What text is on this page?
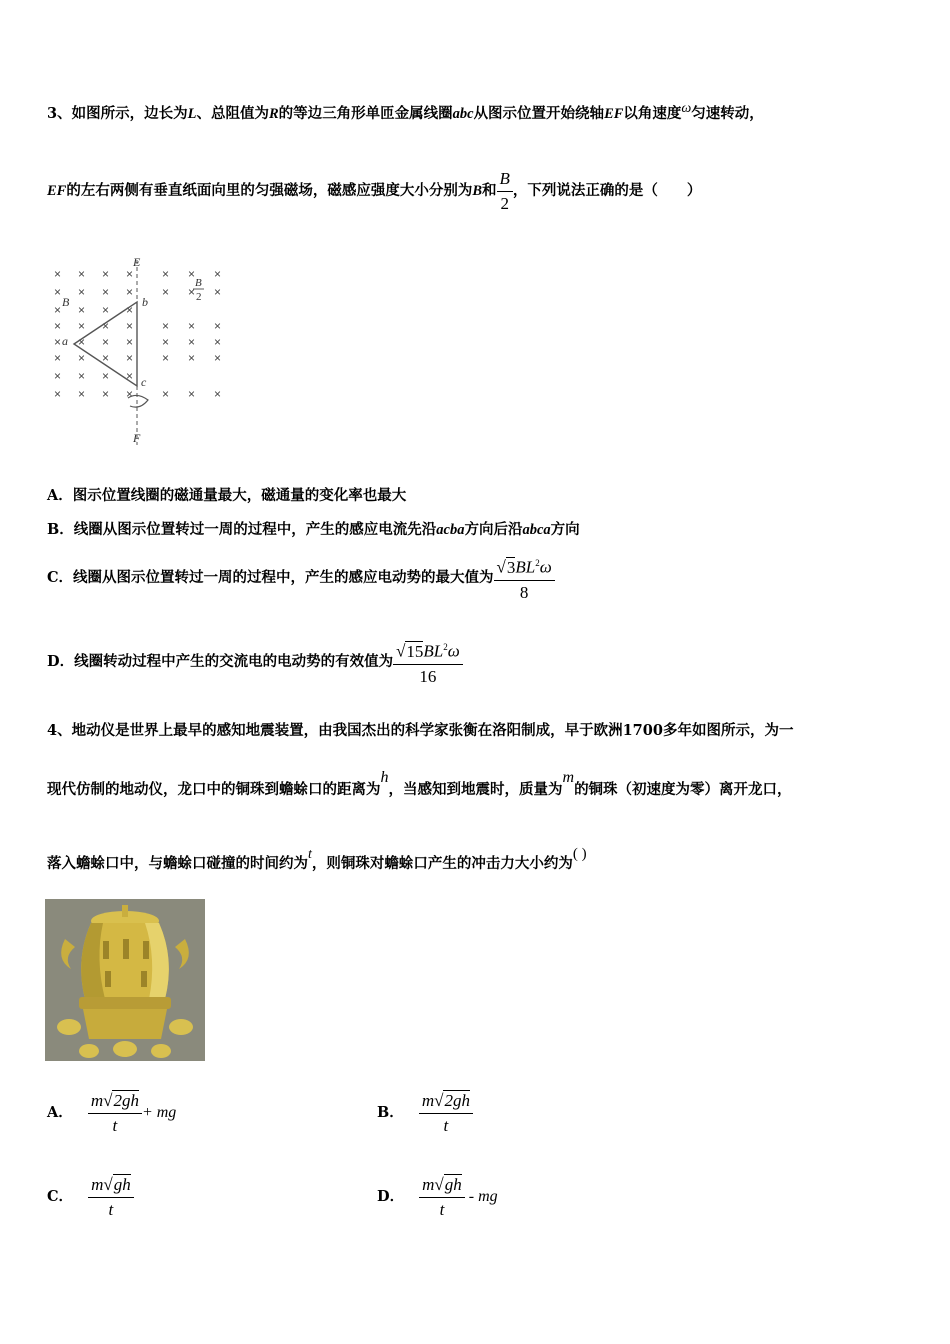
3、如图所示，边长为L、总阻值为R的等边三角形单匝金属线圈abc从图示位置开始绕轴EF以角速度ω匀速转动，
EF的左右两侧有垂直纸面向里的匀强磁场，磁感应强度大小分别为B和 $\frac{B}{2}$ ，下列说法正确的是（　　）
× × × × × × ×
× × × × × × ×
× × × ×
× × × × × × ×
× × × × × × ×
× × × × × × ×
× × × ×
× × × × × × ×
E
F
a
b
c
B
B
2
A．图示位置线圈的磁通量最大，磁通量的变化率也最大
B．线圈从图示位置转过一周的过程中，产生的感应电流先沿acba方向后沿abca方向
C．线圈从图示位置转过一周的过程中，产生的感应电动势的最大值为 $\frac{√3BL^2\omega}{8}$
D．线圈转动过程中产生的交流电的电动势的有效值为 $\frac{√15BL^2\omega}{16}$
4、地动仪是世界上最早的感知地震装置，由我国杰出的科学家张衡在洛阳制成，早于欧洲1700多年如图所示，为一
现代仿制的地动仪，龙口中的铜珠到蟾蜍口的距离为h，当感知到地震时，质量为m的铜珠（初速度为零）离开龙口，
落入蟾蜍口中，与蟾蜍口碰撞的时间约为t，则铜珠对蟾蜍口产生的冲击力大小约为( )
A． $\frac{m√2gh}{t}$ + mg	B． $\frac{m√2gh}{t}$
C． $\frac{m√gh}{t}$	D． $\frac{m√gh}{t}$ - mg
